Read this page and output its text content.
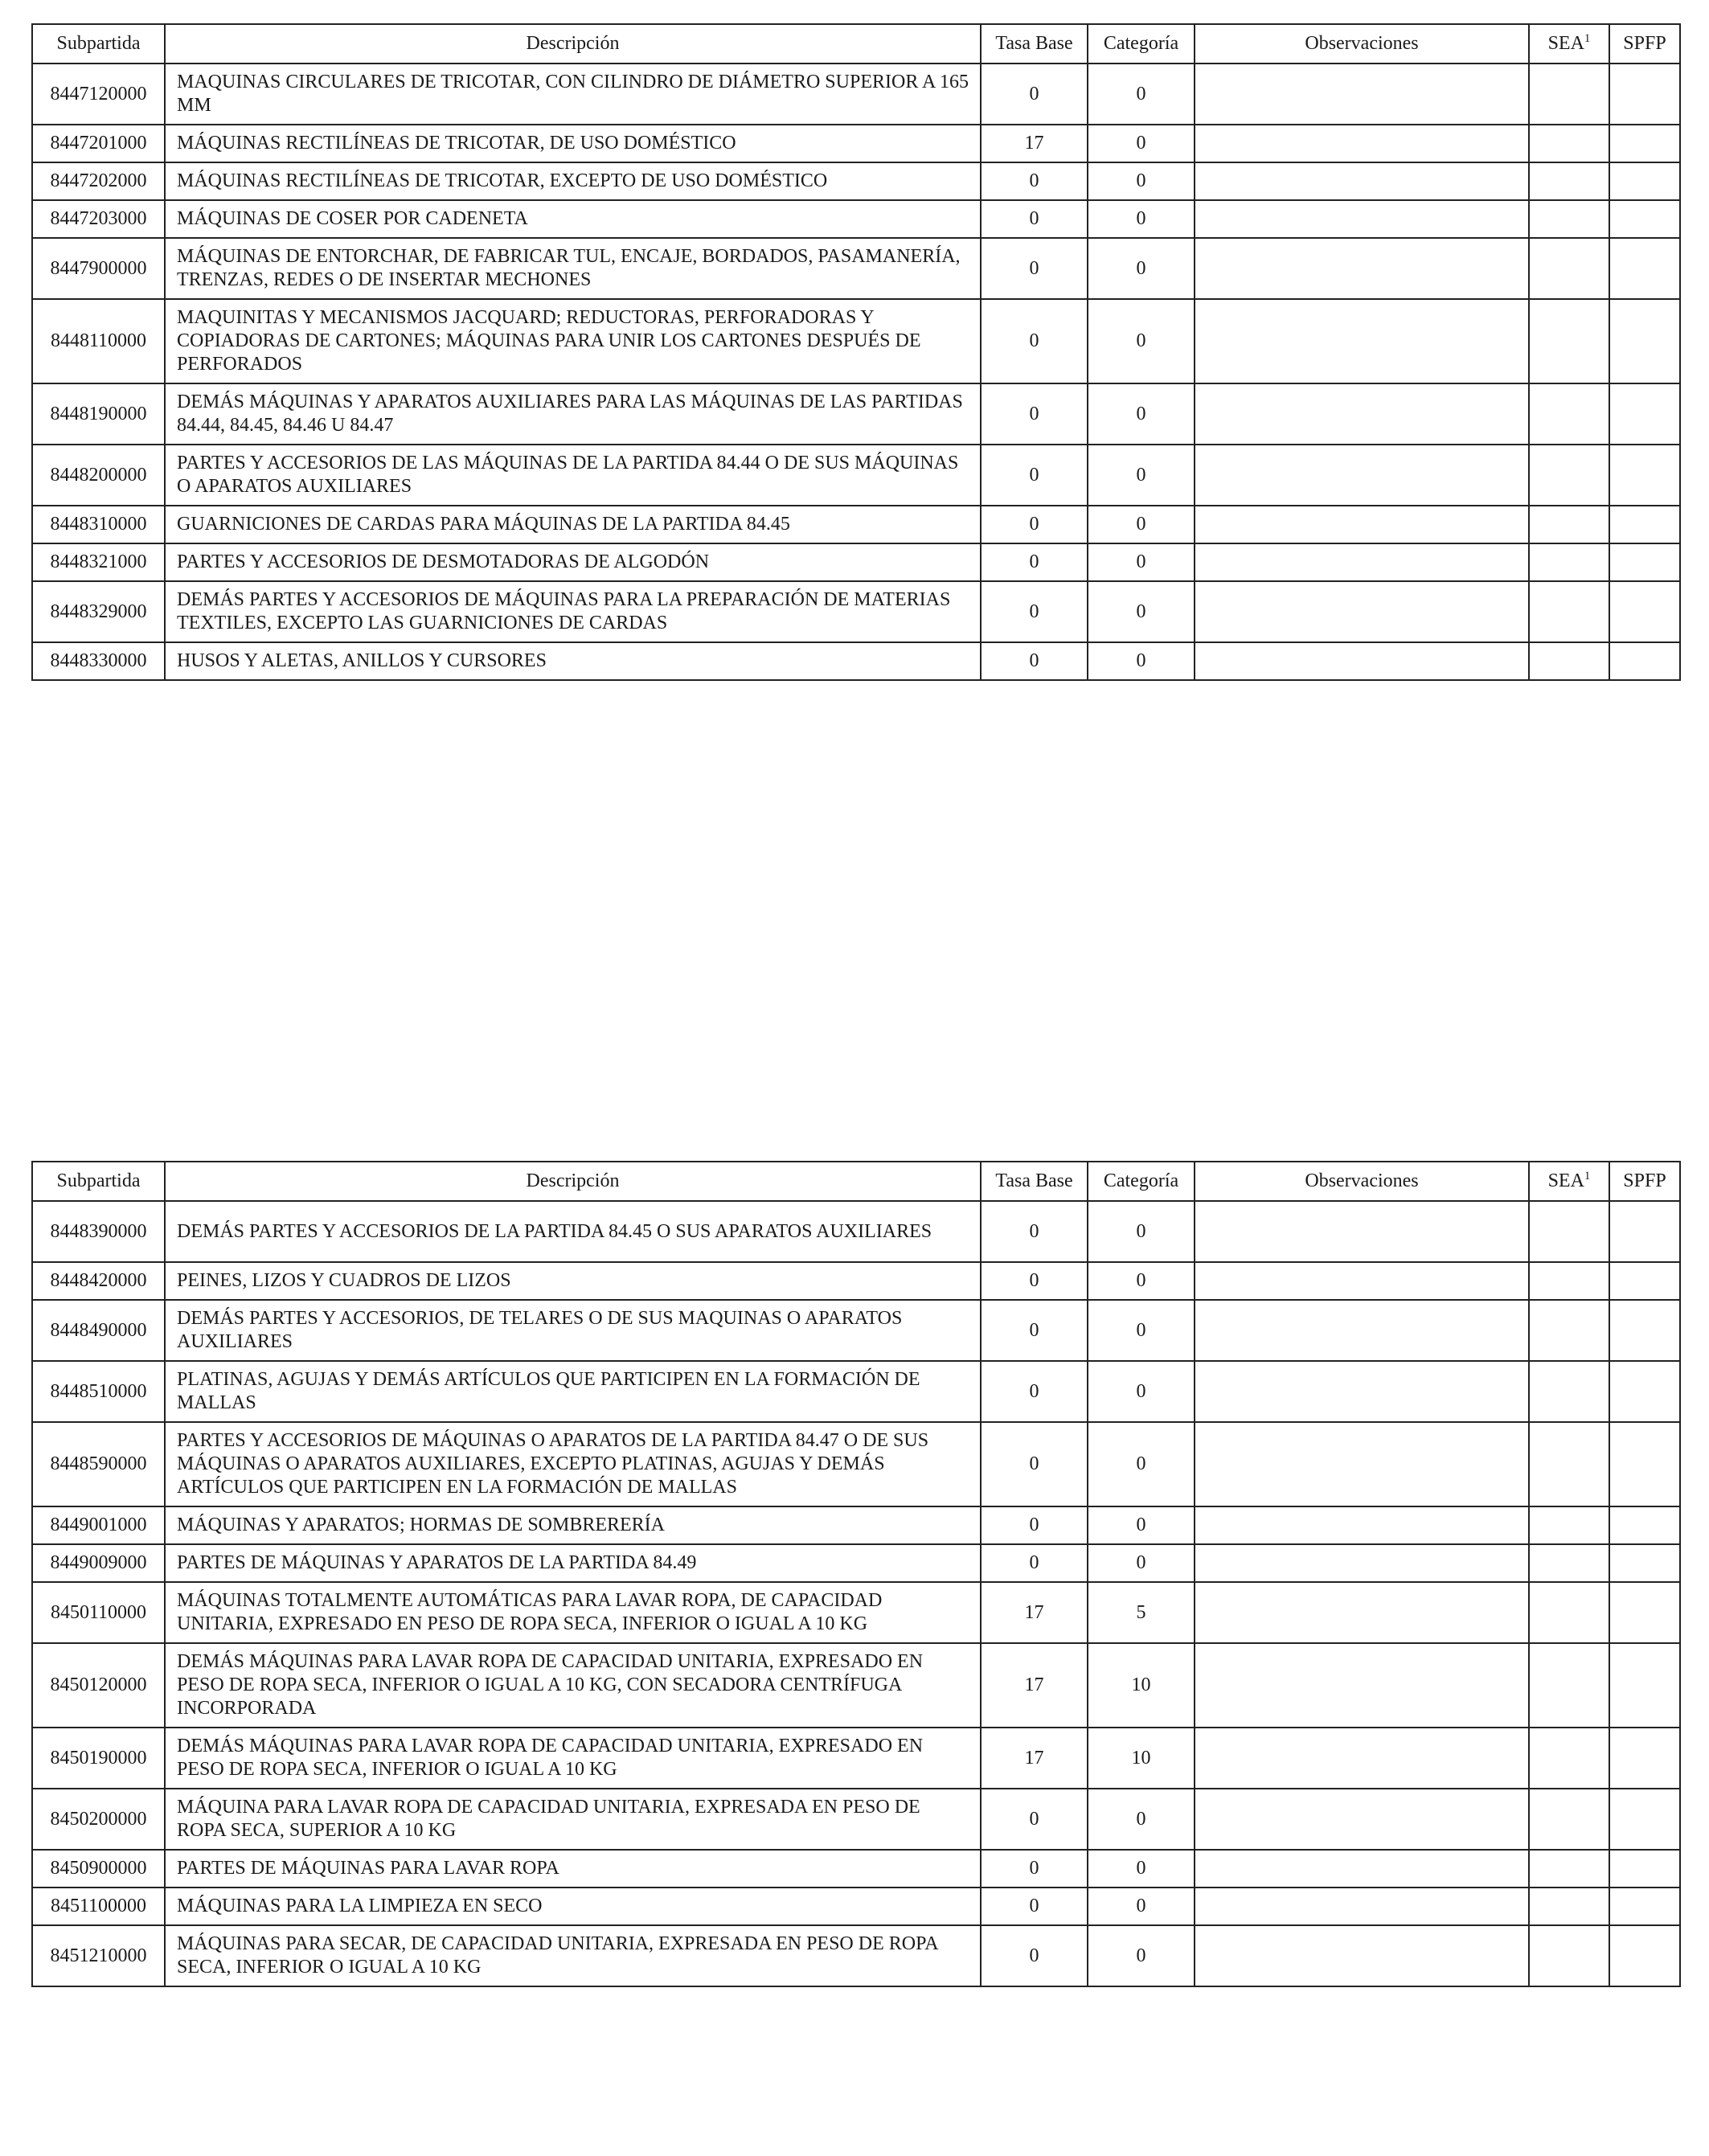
Subpartida	Descripción	Tasa Base	Categoría	Observaciones	SEA$^1$	SPFP
8447120000	MAQUINAS CIRCULARES DE TRICOTAR, CON CILINDRO DE DIÁMETRO SUPERIOR A 165 MM	0	0			
8447201000	MÁQUINAS RECTILÍNEAS DE TRICOTAR, DE USO DOMÉSTICO	17	0			
8447202000	MÁQUINAS RECTILÍNEAS DE TRICOTAR, EXCEPTO DE USO DOMÉSTICO	0	0			
8447203000	MÁQUINAS DE COSER POR CADENETA	0	0			
8447900000	MÁQUINAS DE ENTORCHAR, DE FABRICAR TUL, ENCAJE, BORDADOS, PASAMANERÍA, TRENZAS, REDES O DE INSERTAR MECHONES	0	0			
8448110000	MAQUINITAS Y MECANISMOS JACQUARD; REDUCTORAS, PERFORADORAS Y COPIADORAS DE CARTONES; MÁQUINAS PARA UNIR LOS CARTONES DESPUÉS DE PERFORADOS	0	0			
8448190000	DEMÁS MÁQUINAS Y APARATOS AUXILIARES PARA LAS MÁQUINAS DE LAS PARTIDAS 84.44, 84.45, 84.46 U 84.47	0	0			
8448200000	PARTES Y ACCESORIOS DE LAS MÁQUINAS DE LA PARTIDA 84.44 O DE SUS MÁQUINAS O APARATOS AUXILIARES	0	0			
8448310000	GUARNICIONES DE CARDAS PARA MÁQUINAS DE LA PARTIDA 84.45	0	0			
8448321000	PARTES Y ACCESORIOS DE DESMOTADORAS DE ALGODÓN	0	0			
8448329000	DEMÁS PARTES Y ACCESORIOS DE MÁQUINAS PARA LA PREPARACIÓN DE MATERIAS TEXTILES, EXCEPTO LAS GUARNICIONES DE CARDAS	0	0			
8448330000	HUSOS Y ALETAS, ANILLOS Y CURSORES	0	0			
Subpartida	Descripción	Tasa Base	Categoría	Observaciones	SEA$^1$	SPFP
8448390000	DEMÁS PARTES Y ACCESORIOS DE LA PARTIDA 84.45 O SUS APARATOS AUXILIARES	0	0			
8448420000	PEINES, LIZOS Y CUADROS DE LIZOS	0	0			
8448490000	DEMÁS PARTES Y ACCESORIOS, DE TELARES O DE SUS MAQUINAS O APARATOS AUXILIARES	0	0			
8448510000	PLATINAS, AGUJAS Y DEMÁS ARTÍCULOS QUE PARTICIPEN EN LA FORMACIÓN DE MALLAS	0	0			
8448590000	PARTES Y ACCESORIOS DE MÁQUINAS O APARATOS DE LA PARTIDA 84.47 O DE SUS MÁQUINAS O APARATOS AUXILIARES, EXCEPTO PLATINAS, AGUJAS Y DEMÁS ARTÍCULOS QUE PARTICIPEN EN LA FORMACIÓN DE MALLAS	0	0			
8449001000	MÁQUINAS Y APARATOS; HORMAS DE SOMBRERERÍA	0	0			
8449009000	PARTES DE MÁQUINAS Y APARATOS DE LA PARTIDA 84.49	0	0			
8450110000	MÁQUINAS TOTALMENTE AUTOMÁTICAS PARA LAVAR ROPA, DE CAPACIDAD UNITARIA, EXPRESADO EN PESO DE ROPA SECA, INFERIOR O IGUAL A 10 KG	17	5			
8450120000	DEMÁS MÁQUINAS PARA LAVAR ROPA DE CAPACIDAD UNITARIA, EXPRESADO EN PESO DE ROPA SECA, INFERIOR O IGUAL A 10 KG, CON SECADORA CENTRÍFUGA INCORPORADA	17	10			
8450190000	DEMÁS MÁQUINAS PARA LAVAR ROPA DE CAPACIDAD UNITARIA, EXPRESADO EN PESO DE ROPA SECA, INFERIOR O IGUAL A 10 KG	17	10			
8450200000	MÁQUINA PARA LAVAR ROPA DE CAPACIDAD UNITARIA, EXPRESADA EN PESO DE ROPA SECA, SUPERIOR A 10 KG	0	0			
8450900000	PARTES DE MÁQUINAS PARA LAVAR ROPA	0	0			
8451100000	MÁQUINAS PARA LA LIMPIEZA EN SECO	0	0			
8451210000	MÁQUINAS PARA SECAR, DE CAPACIDAD UNITARIA, EXPRESADA EN PESO DE ROPA SECA, INFERIOR O IGUAL A 10 KG	0	0			
